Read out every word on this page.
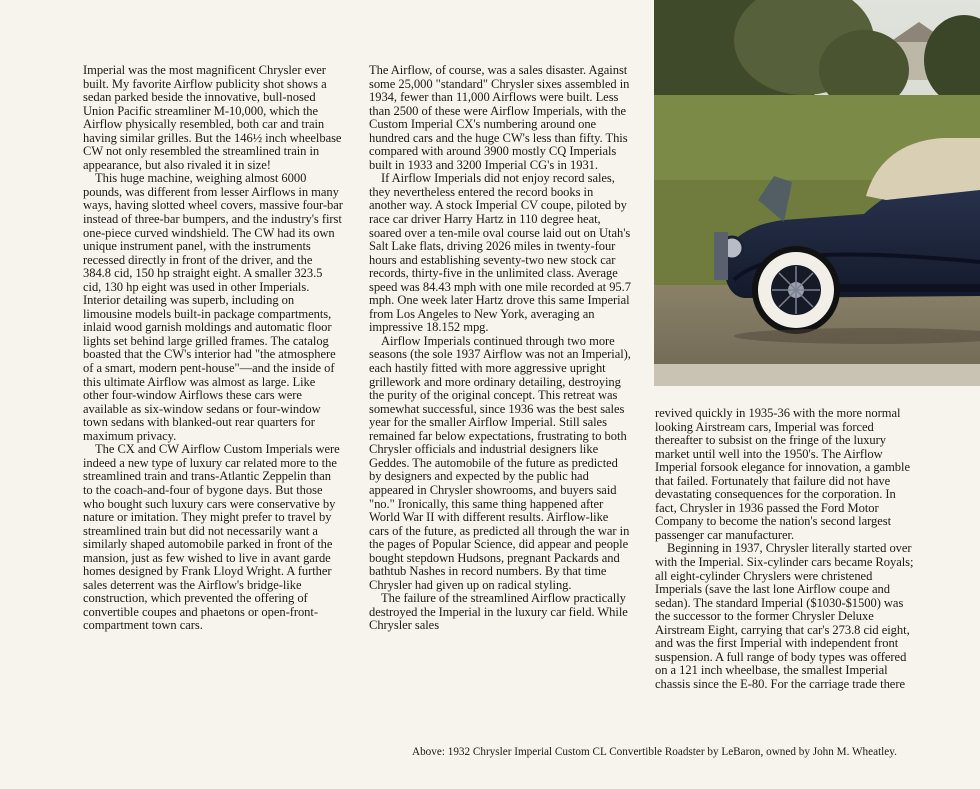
Imperial was the most magnificent Chrysler ever built. My favorite Airflow publicity shot shows a sedan parked beside the innovative, bull-nosed Union Pacific streamliner M-10,000, which the Airflow physically resembled, both car and train having similar grilles. But the 146½ inch wheelbase CW not only resembled the streamlined train in appearance, but also rivaled it in size!

This huge machine, weighing almost 6000 pounds, was different from lesser Airflows in many ways, having slotted wheel covers, massive four-bar instead of three-bar bumpers, and the industry's first one-piece curved windshield. The CW had its own unique instrument panel, with the instruments recessed directly in front of the driver, and the 384.8 cid, 150 hp straight eight. A smaller 323.5 cid, 130 hp eight was used in other Imperials. Interior detailing was superb, including on limousine models built-in package compartments, inlaid wood garnish moldings and automatic floor lights set behind large grilled frames. The catalog boasted that the CW's interior had "the atmosphere of a smart, modern pent-house"—and the inside of this ultimate Airflow was almost as large. Like other four-window Airflows these cars were available as six-window sedans or four-window town sedans with blanked-out rear quarters for maximum privacy.

The CX and CW Airflow Custom Imperials were indeed a new type of luxury car related more to the streamlined train and trans-Atlantic Zeppelin than to the coach-and-four of bygone days. But those who bought such luxury cars were conservative by nature or imitation. They might prefer to travel by streamlined train but did not necessarily want a similarly shaped automobile parked in front of the mansion, just as few wished to live in avant garde homes designed by Frank Lloyd Wright. A further sales deterrent was the Airflow's bridge-like construction, which prevented the offering of convertible coupes and phaetons or open-front-compartment town cars.

The Airflow, of course, was a sales disaster. Against some 25,000 "standard" Chrysler sixes assembled in 1934, fewer than 11,000 Airflows were built. Less than 2500 of these were Airflow Imperials, with the Custom Imperial CX's numbering around one hundred cars and the huge CW's less than fifty. This compared with around 3900 mostly CQ Imperials built in 1933 and 3200 Imperial CG's in 1931.

If Airflow Imperials did not enjoy record sales, they nevertheless entered the record books in another way. A stock Imperial CV coupe, piloted by race car driver Harry Hartz in 110 degree heat, soared over a ten-mile oval course laid out on Utah's Salt Lake flats, driving 2026 miles in twenty-four hours and establishing seventy-two new stock car records, thirty-five in the unlimited class. Average speed was 84.43 mph with one mile recorded at 95.7 mph. One week later Hartz drove this same Imperial from Los Angeles to New York, averaging an impressive 18.152 mpg.

Airflow Imperials continued through two more seasons (the sole 1937 Airflow was not an Imperial), each hastily fitted with more aggressive upright grillework and more ordinary detailing, destroying the purity of the original concept. This retreat was somewhat successful, since 1936 was the best sales year for the smaller Airflow Imperial. Still sales remained far below expectations, frustrating to both Chrysler officials and industrial designers like Geddes. The automobile of the future as predicted by designers and expected by the public had appeared in Chrysler showrooms, and buyers said "no." Ironically, this same thing happened after World War II with different results. Airflow-like cars of the future, as predicted all through the war in the pages of Popular Science, did appear and people bought stepdown Hudsons, pregnant Packards and bathtub Nashes in record numbers. By that time Chrysler had given up on radical styling.

The failure of the streamlined Airflow practically destroyed the Imperial in the luxury car field. While Chrysler sales

revived quickly in 1935-36 with the more normal looking Airstream cars, Imperial was forced thereafter to subsist on the fringe of the luxury market until well into the 1950's. The Airflow Imperial forsook elegance for innovation, a gamble that failed. Fortunately that failure did not have devastating consequences for the corporation. In fact, Chrysler in 1936 passed the Ford Motor Company to become the nation's second largest passenger car manufacturer.

Beginning in 1937, Chrysler literally started over with the Imperial. Six-cylinder cars became Royals; all eight-cylinder Chryslers were christened Imperials (save the last lone Airflow coupe and sedan). The standard Imperial ($1030-$1500) was the successor to the former Chrysler Deluxe Airstream Eight, carrying that car's 273.8 cid eight, and was the first Imperial with independent front suspension. A full range of body types was offered on a 121 inch wheelbase, the smallest Imperial chassis since the E-80. For the carriage trade there

Above: 1932 Chrysler Imperial Custom CL Convertible Roadster by LeBaron, owned by John M. Wheatley.
